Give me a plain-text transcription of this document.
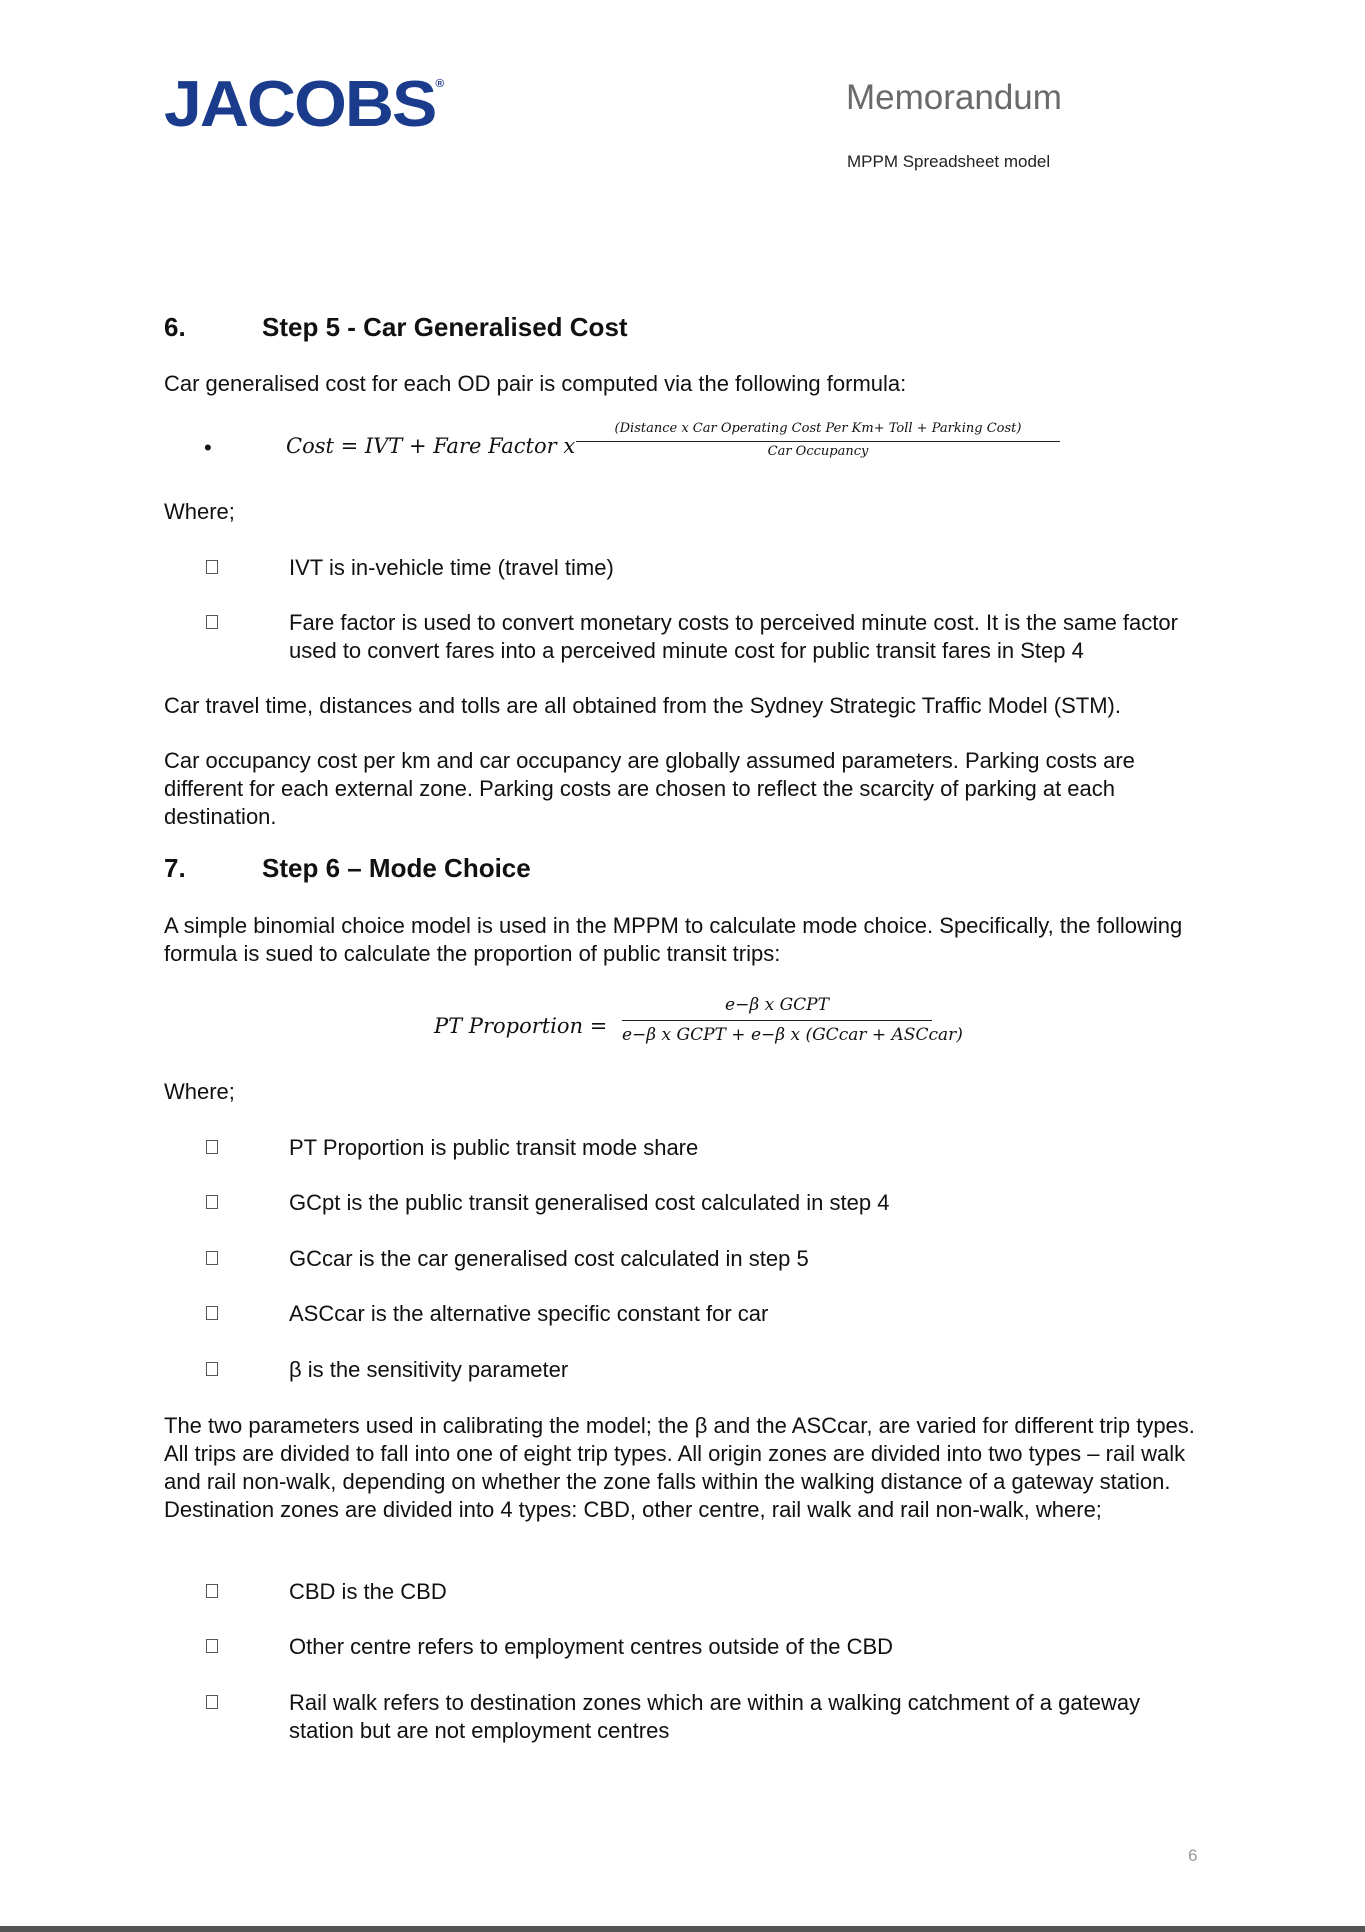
JACOBS®	Memorandum
MPPM Spreadsheet model
6.	Step 5 - Car Generalised Cost
Car generalised cost for each OD pair is computed via the following formula:
•	Cost = IVT + Fare Factor x
(Distance x Car Operating Cost Per Km+ Toll + Parking Cost)
Car Occupancy
Where;
IVT is in-vehicle time (travel time)
Fare factor is used to convert monetary costs to perceived minute cost. It is the same factor used to convert fares into a perceived minute cost for public transit fares in Step 4
Car travel time, distances and tolls are all obtained from the Sydney Strategic Traffic Model (STM).
Car occupancy cost per km and car occupancy are globally assumed parameters. Parking costs are different for each external zone. Parking costs are chosen to reflect the scarcity of parking at each destination.
7.	Step 6 – Mode Choice
A simple binomial choice model is used in the MPPM to calculate mode choice. Specifically, the following formula is sued to calculate the proportion of public transit trips:
PT Proportion =
e−β x GCPT
e−β x GCPT + e−β x (GCcar + ASCcar)
Where;
PT Proportion is public transit mode share
GCpt is the public transit generalised cost calculated in step 4
GCcar is the car generalised cost calculated in step 5
ASCcar is the alternative specific constant for car
β is the sensitivity parameter
The two parameters used in calibrating the model; the β and the ASCcar, are varied for different trip types. All trips are divided to fall into one of eight trip types. All origin zones are divided into two types – rail walk and rail non-walk, depending on whether the zone falls within the walking distance of a gateway station. Destination zones are divided into 4 types: CBD, other centre, rail walk and rail non-walk, where;
CBD is the CBD
Other centre refers to employment centres outside of the CBD
Rail walk refers to destination zones which are within a walking catchment of a gateway station but are not employment centres
6
